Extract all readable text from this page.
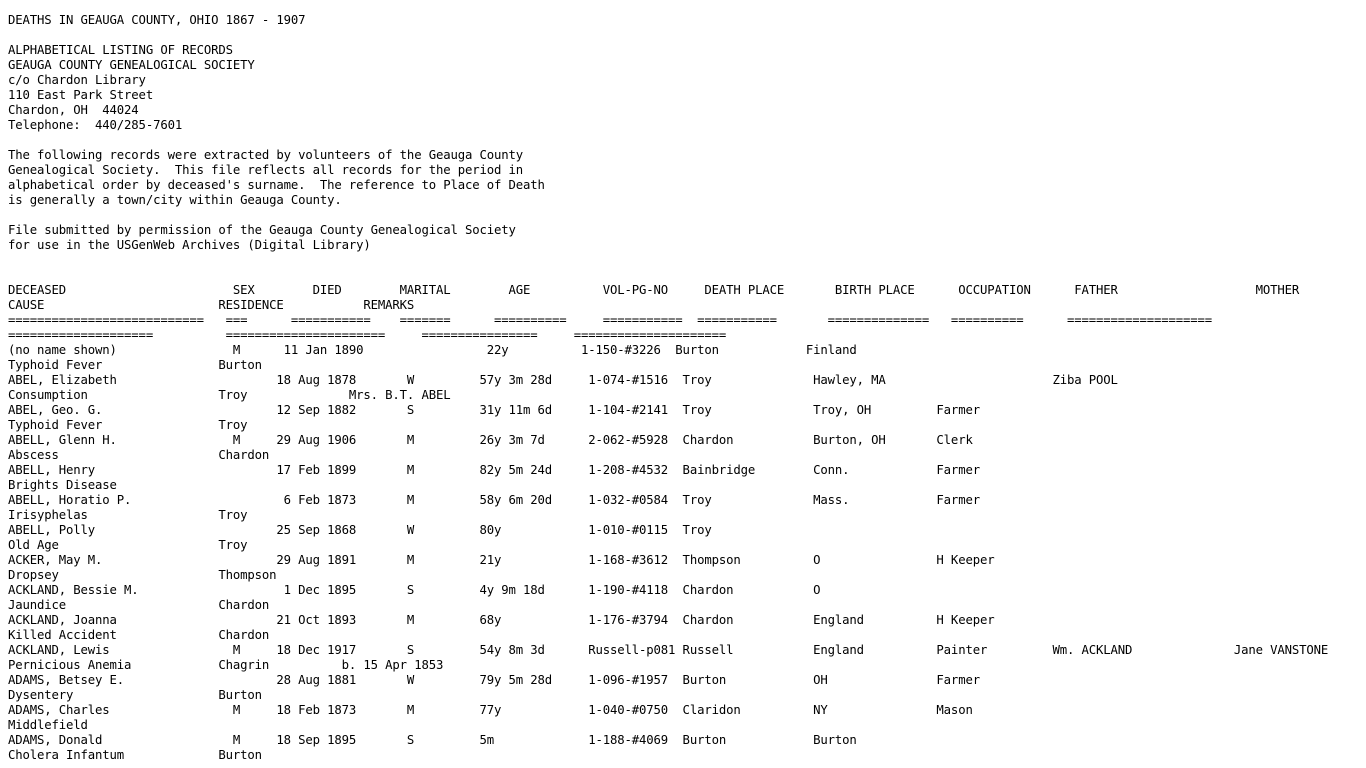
DEATHS IN GEAUGA COUNTY, OHIO 1867 - 1907

ALPHABETICAL LISTING OF RECORDS
GEAUGA COUNTY GENEALOGICAL SOCIETY
c/o Chardon Library
110 East Park Street
Chardon, OH  44024
Telephone:  440/285-7601

The following records were extracted by volunteers of the Geauga County
Genealogical Society.  This file reflects all records for the period in
alphabetical order by deceased's surname.  The reference to Place of Death
is generally a town/city within Geauga County.

File submitted by permission of the Geauga County Genealogical Society
for use in the USGenWeb Archives (Digital Library)

DECEASED                       SEX        DIED        MARITAL        AGE          VOL-PG-NO     DEATH PLACE       BIRTH PLACE      OCCUPATION      FATHER                   MOTHER
CAUSE                        RESIDENCE           REMARKS
===========================   ===      ===========    =======      ==========     ===========  ===========       ==============   ==========      ====================
====================          ======================     ================     =====================
(no name shown)                M      11 Jan 1890                 22y          1-150-#3226  Burton            Finland
Typhoid Fever                Burton
ABEL, Elizabeth                      18 Aug 1878       W         57y 3m 28d     1-074-#1516  Troy              Hawley, MA                       Ziba POOL
Consumption                  Troy              Mrs. B.T. ABEL
ABEL, Geo. G.                        12 Sep 1882       S         31y 11m 6d     1-104-#2141  Troy              Troy, OH         Farmer
Typhoid Fever                Troy
ABELL, Glenn H.                M     29 Aug 1906       M         26y 3m 7d      2-062-#5928  Chardon           Burton, OH       Clerk
Abscess                      Chardon
ABELL, Henry                         17 Feb 1899       M         82y 5m 24d     1-208-#4532  Bainbridge        Conn.            Farmer
Brights Disease
ABELL, Horatio P.                     6 Feb 1873       M         58y 6m 20d     1-032-#0584  Troy              Mass.            Farmer
Irisyphelas                  Troy
ABELL, Polly                         25 Sep 1868       W         80y            1-010-#0115  Troy
Old Age                      Troy
ACKER, May M.                        29 Aug 1891       M         21y            1-168-#3612  Thompson          O                H Keeper
Dropsey                      Thompson
ACKLAND, Bessie M.                    1 Dec 1895       S         4y 9m 18d      1-190-#4118  Chardon           O
Jaundice                     Chardon
ACKLAND, Joanna                      21 Oct 1893       M         68y            1-176-#3794  Chardon           England          H Keeper
Killed Accident              Chardon
ACKLAND, Lewis                 M     18 Dec 1917       S         54y 8m 3d      Russell-p081 Russell           England          Painter         Wm. ACKLAND              Jane VANSTONE
Pernicious Anemia            Chagrin          b. 15 Apr 1853
ADAMS, Betsey E.                     28 Aug 1881       W         79y 5m 28d     1-096-#1957  Burton            OH               Farmer
Dysentery                    Burton
ADAMS, Charles                 M     18 Feb 1873       M         77y            1-040-#0750  Claridon          NY               Mason
Middlefield
ADAMS, Donald                  M     18 Sep 1895       S         5m             1-188-#4069  Burton            Burton
Cholera Infantum             Burton
